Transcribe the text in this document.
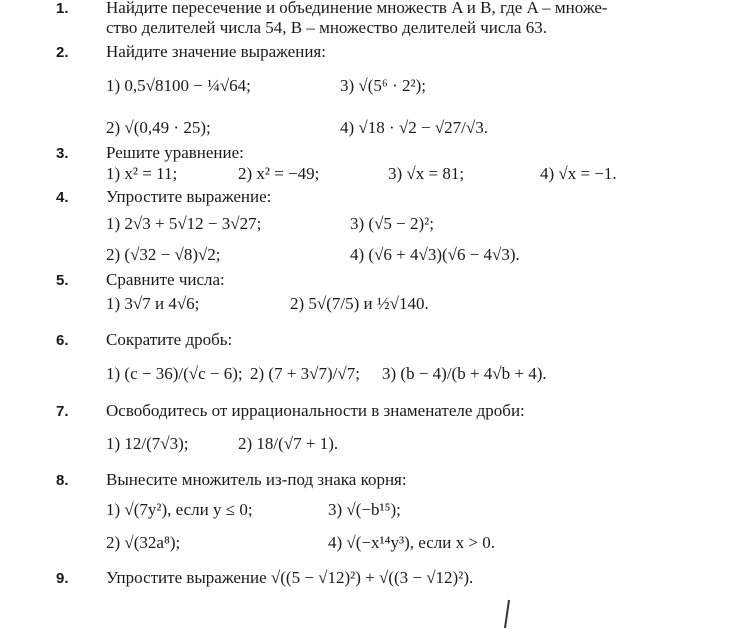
1. Найдите пересечение и объединение множеств A и B, где A – множе-
ство делителей числа 54, B – множество делителей числа 63.
2. Найдите значение выражения:
1) 0,5√8100 − ¼√64;	3) √(5⁶ · 2²);
2) √(0,49 · 25);	4) √18 · √2 − √27/√3.
3. Решите уравнение:
1) x² = 11;	2) x² = −49;	3) √x = 81;	4) √x = −1.
4. Упростите выражение:
1) 2√3 + 5√12 − 3√27;	3) (√5 − 2)²;
2) (√32 − √8)√2;	4) (√6 + 4√3)(√6 − 4√3).
5. Сравните числа:
1) 3√7 и 4√6;	2) 5√(7/5) и ½√140.
6. Сократите дробь:
1) (c − 36)/(√c − 6); 2) (7 + 3√7)/√7; 3) (b − 4)/(b + 4√b + 4).
7. Освободитесь от иррациональности в знаменателе дроби:
1) 12/(7√3);	2) 18/(√7 + 1).
8. Вынесите множитель из-под знака корня:
1) √(7y²), если y ≤ 0;	3) √(−b¹⁵);
2) √(32a⁸);	4) √(−x¹⁴y³), если x > 0.
9. Упростите выражение √((5 − √12)²) + √((3 − √12)²).
